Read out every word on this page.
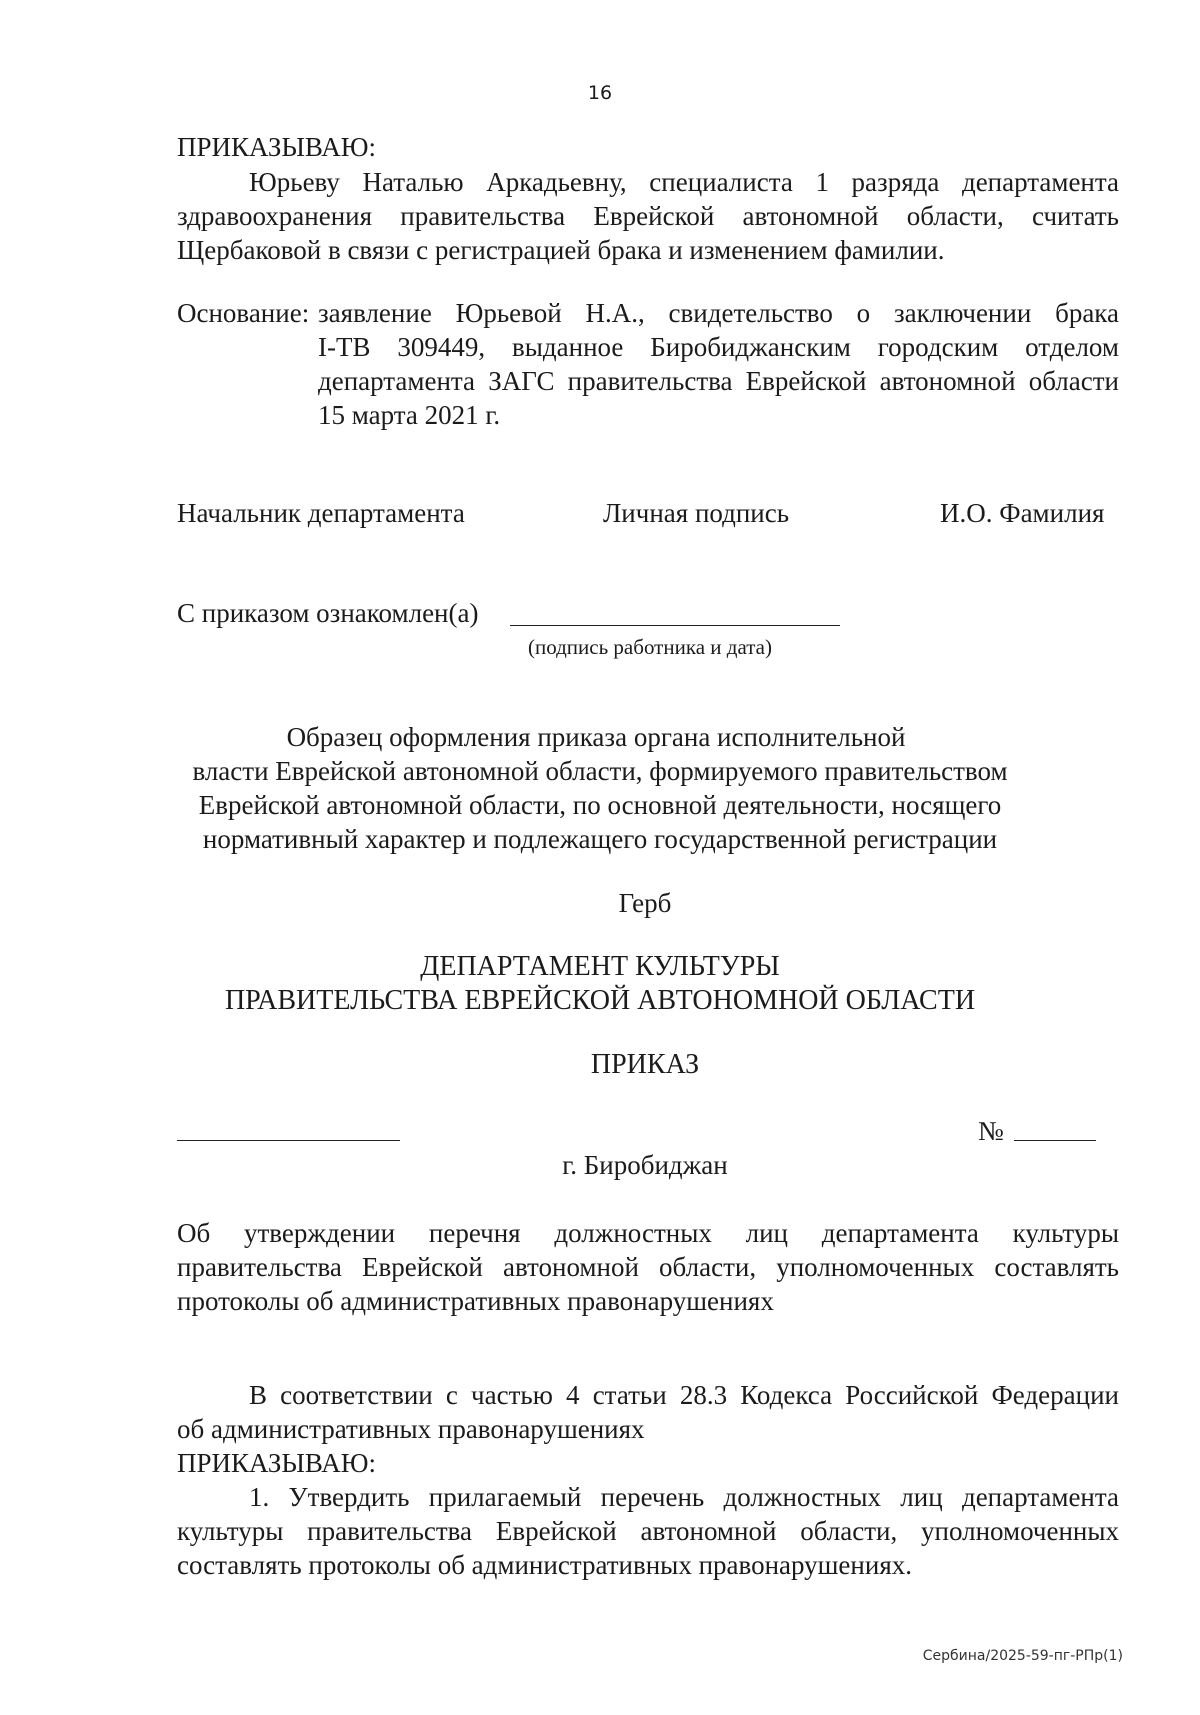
16
ПРИКАЗЫВАЮ:
Юрьеву Наталью Аркадьевну, специалиста 1 разряда департамента
здравоохранения правительства Еврейской автономной области, считать
Щербаковой в связи с регистрацией брака и изменением фамилии.
Основание: заявление Юрьевой Н.А., свидетельство о заключении брака
I-ТВ 309449, выданное Биробиджанским городским отделом
департамента ЗАГС правительства Еврейской автономной области
15 марта 2021 г.
Начальник департамента	Личная подпись	И.О. Фамилия
С приказом ознакомлен(а)
(подпись работника и дата)
Образец оформления приказа органа исполнительной
власти Еврейской автономной области, формируемого правительством
Еврейской автономной области, по основной деятельности, носящего
нормативный характер и подлежащего государственной регистрации
Герб
ДЕПАРТАМЕНТ КУЛЬТУРЫ
ПРАВИТЕЛЬСТВА ЕВРЕЙСКОЙ АВТОНОМНОЙ ОБЛАСТИ
ПРИКАЗ
№
г. Биробиджан
Об утверждении перечня должностных лиц департамента культуры
правительства Еврейской автономной области, уполномоченных составлять
протоколы об административных правонарушениях
В соответствии с частью 4 статьи 28.3 Кодекса Российской Федерации
об административных правонарушениях
ПРИКАЗЫВАЮ:
1. Утвердить прилагаемый перечень должностных лиц департамента
культуры правительства Еврейской автономной области, уполномоченных
составлять протоколы об административных правонарушениях.
Сербина/2025-59-пг-РПр(1)
